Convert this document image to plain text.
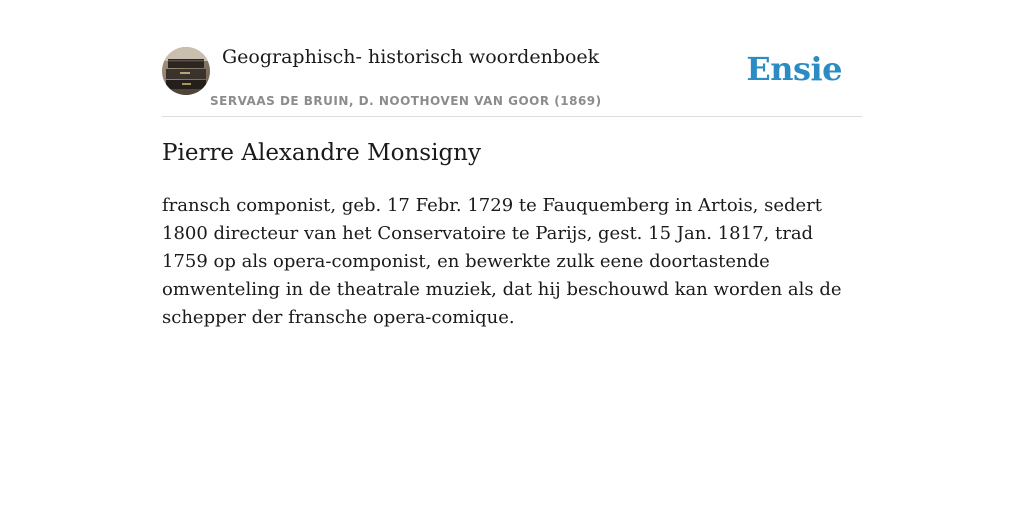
Geographisch- historisch woordenboek
SERVAAS DE BRUIN, D. NOOTHOVEN VAN GOOR (1869)
Ensie
Pierre Alexandre Monsigny

fransch componist, geb. 17 Febr. 1729 te Fauquemberg in Artois, sedert 1800 directeur van het Conservatoire te Parijs, gest. 15 Jan. 1817, trad 1759 op als opera-componist, en bewerkte zulk eene doortastende omwenteling in de theatrale muziek, dat hij beschouwd kan worden als de schepper der fransche opera-comique.
